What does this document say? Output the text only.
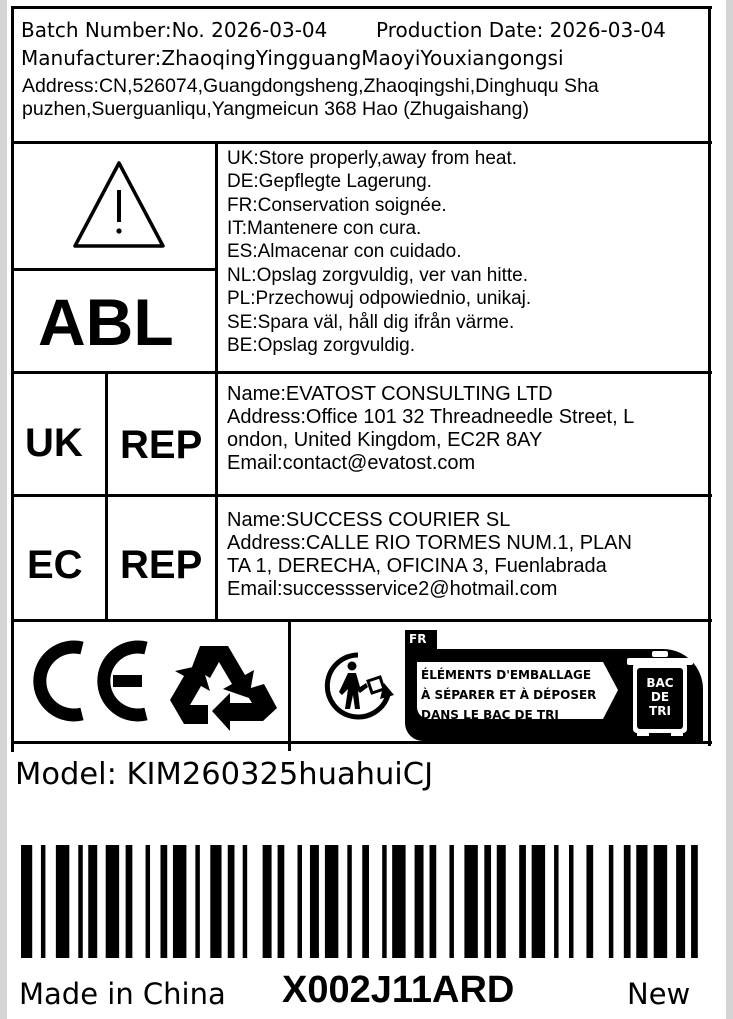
Batch Number:No. 2026-03-04 Production Date: 2026-03-04
Manufacturer:ZhaoqingYingguangMaoyiYouxiangongsi
Address:CN,526074,Guangdongsheng,Zhaoqingshi,Dinghuqu Sha
puzhen,Suerguanliqu,Yangmeicun 368 Hao (Zhugaishang)
ABL
UK:Store properly,away from heat.
DE:Gepflegte Lagerung.
FR:Conservation soignée.
IT:Mantenere con cura.
ES:Almacenar con cuidado.
NL:Opslag zorgvuldig, ver van hitte.
PL:Przechowuj odpowiednio, unikaj.
SE:Spara väl, håll dig ifrån värme.
BE:Opslag zorgvuldig.
UK REP
Name:EVATOST CONSULTING LTD
Address:Office 101 32 Threadneedle Street, L
ondon, United Kingdom, EC2R 8AY
Email:contact@evatost.com
EC REP
Name:SUCCESS COURIER SL
Address:CALLE RIO TORMES NUM.1, PLAN
TA 1, DERECHA, OFICINA 3, Fuenlabrada
Email:successservice2@hotmail.com
FR
ÉLÉMENTS D'EMBALLAGE
À SÉPARER ET À DÉPOSER
DANS LE BAC DE TRI
BAC
DE
TRI
Model: KIM260325huahuiCJ
Made in China X002J11ARD	New
